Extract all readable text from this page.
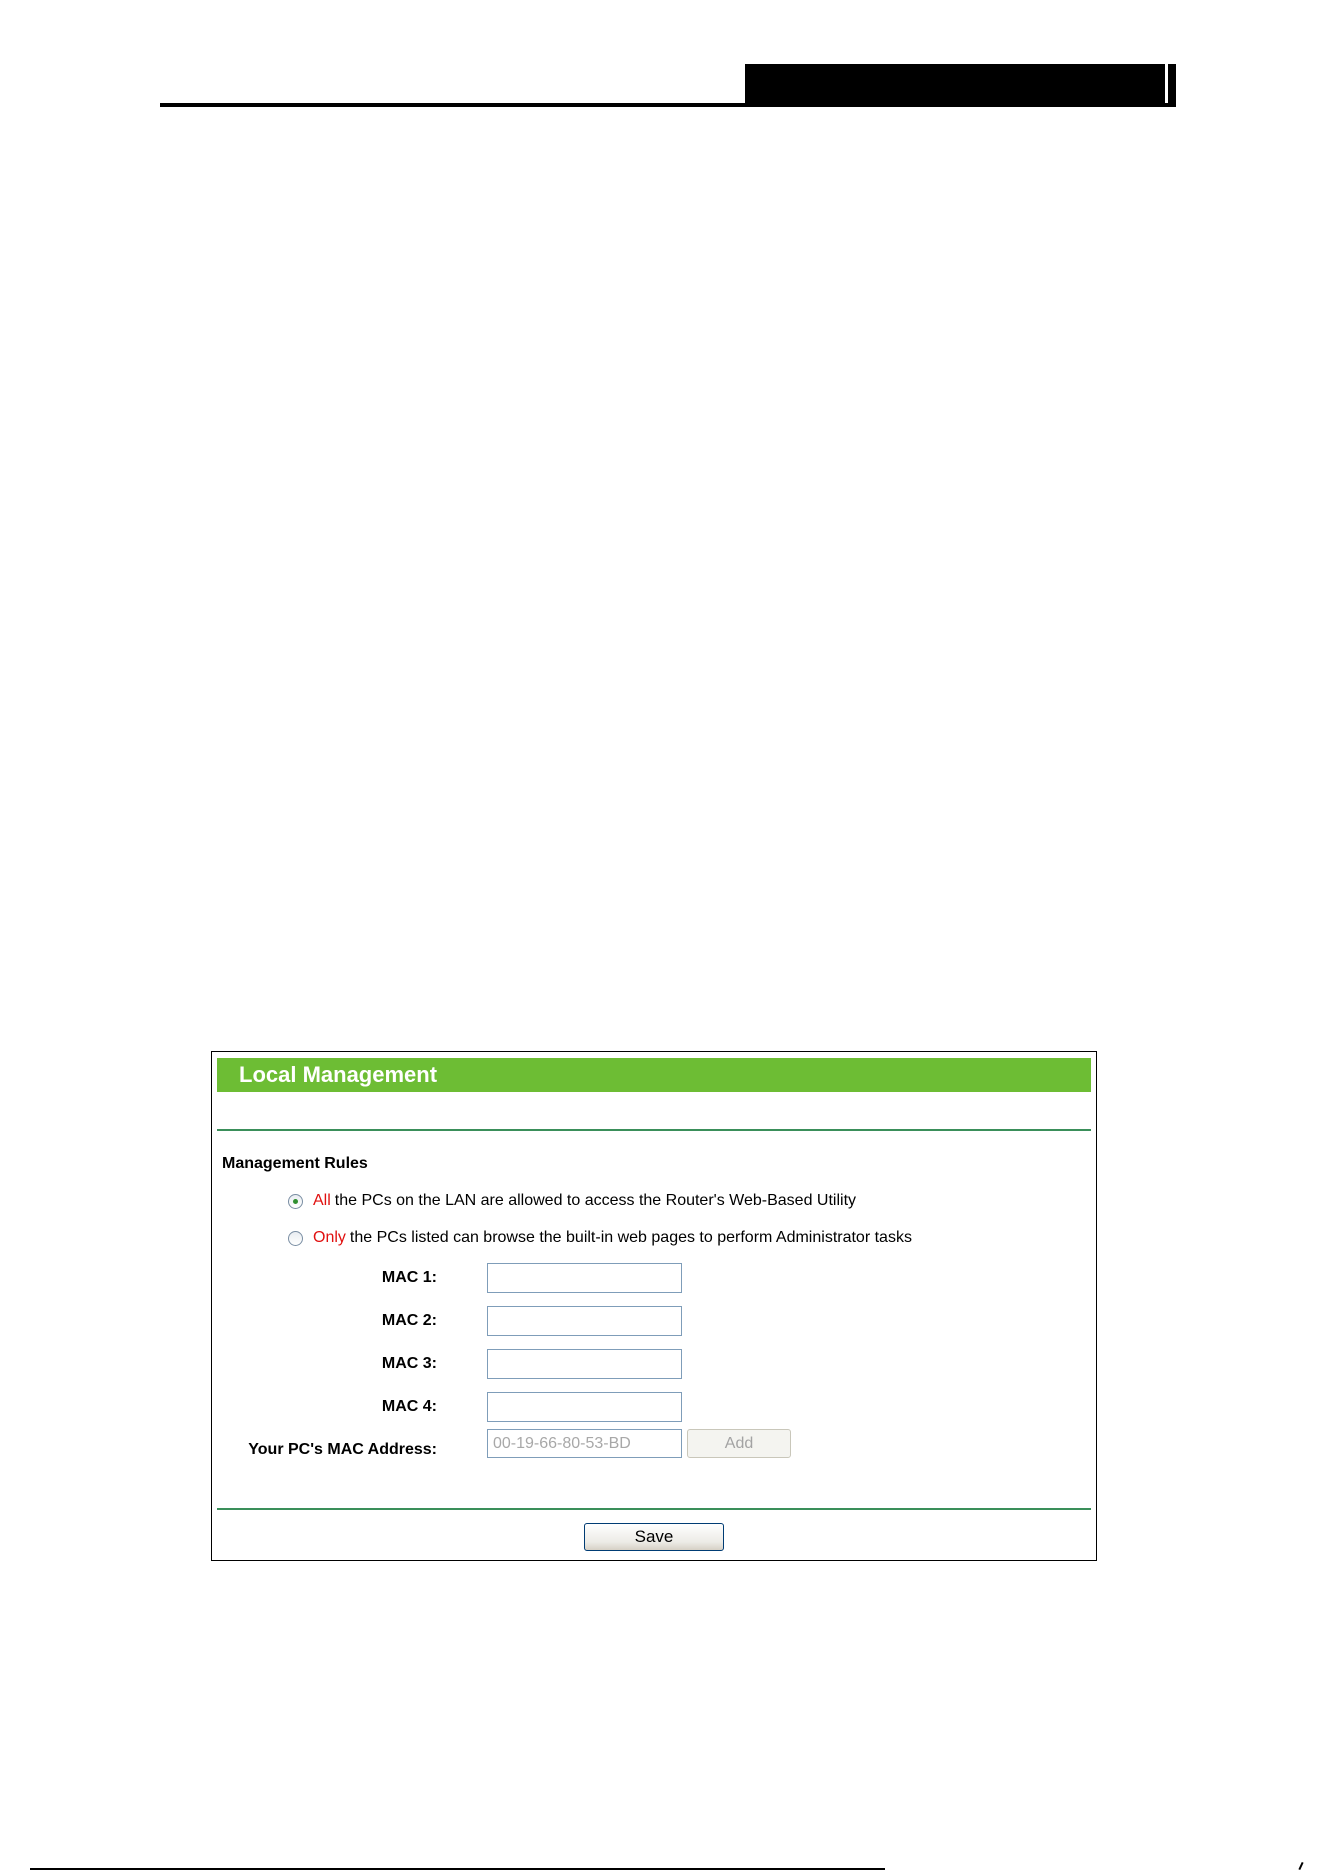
Local Management
Management Rules
All the PCs on the LAN are allowed to access the Router's Web-Based Utility
Only the PCs listed can browse the built-in web pages to perform Administrator tasks
MAC 1:
MAC 2:
MAC 3:
MAC 4:
Your PC's MAC Address:
00-19-66-80-53-BD	Add
Save
